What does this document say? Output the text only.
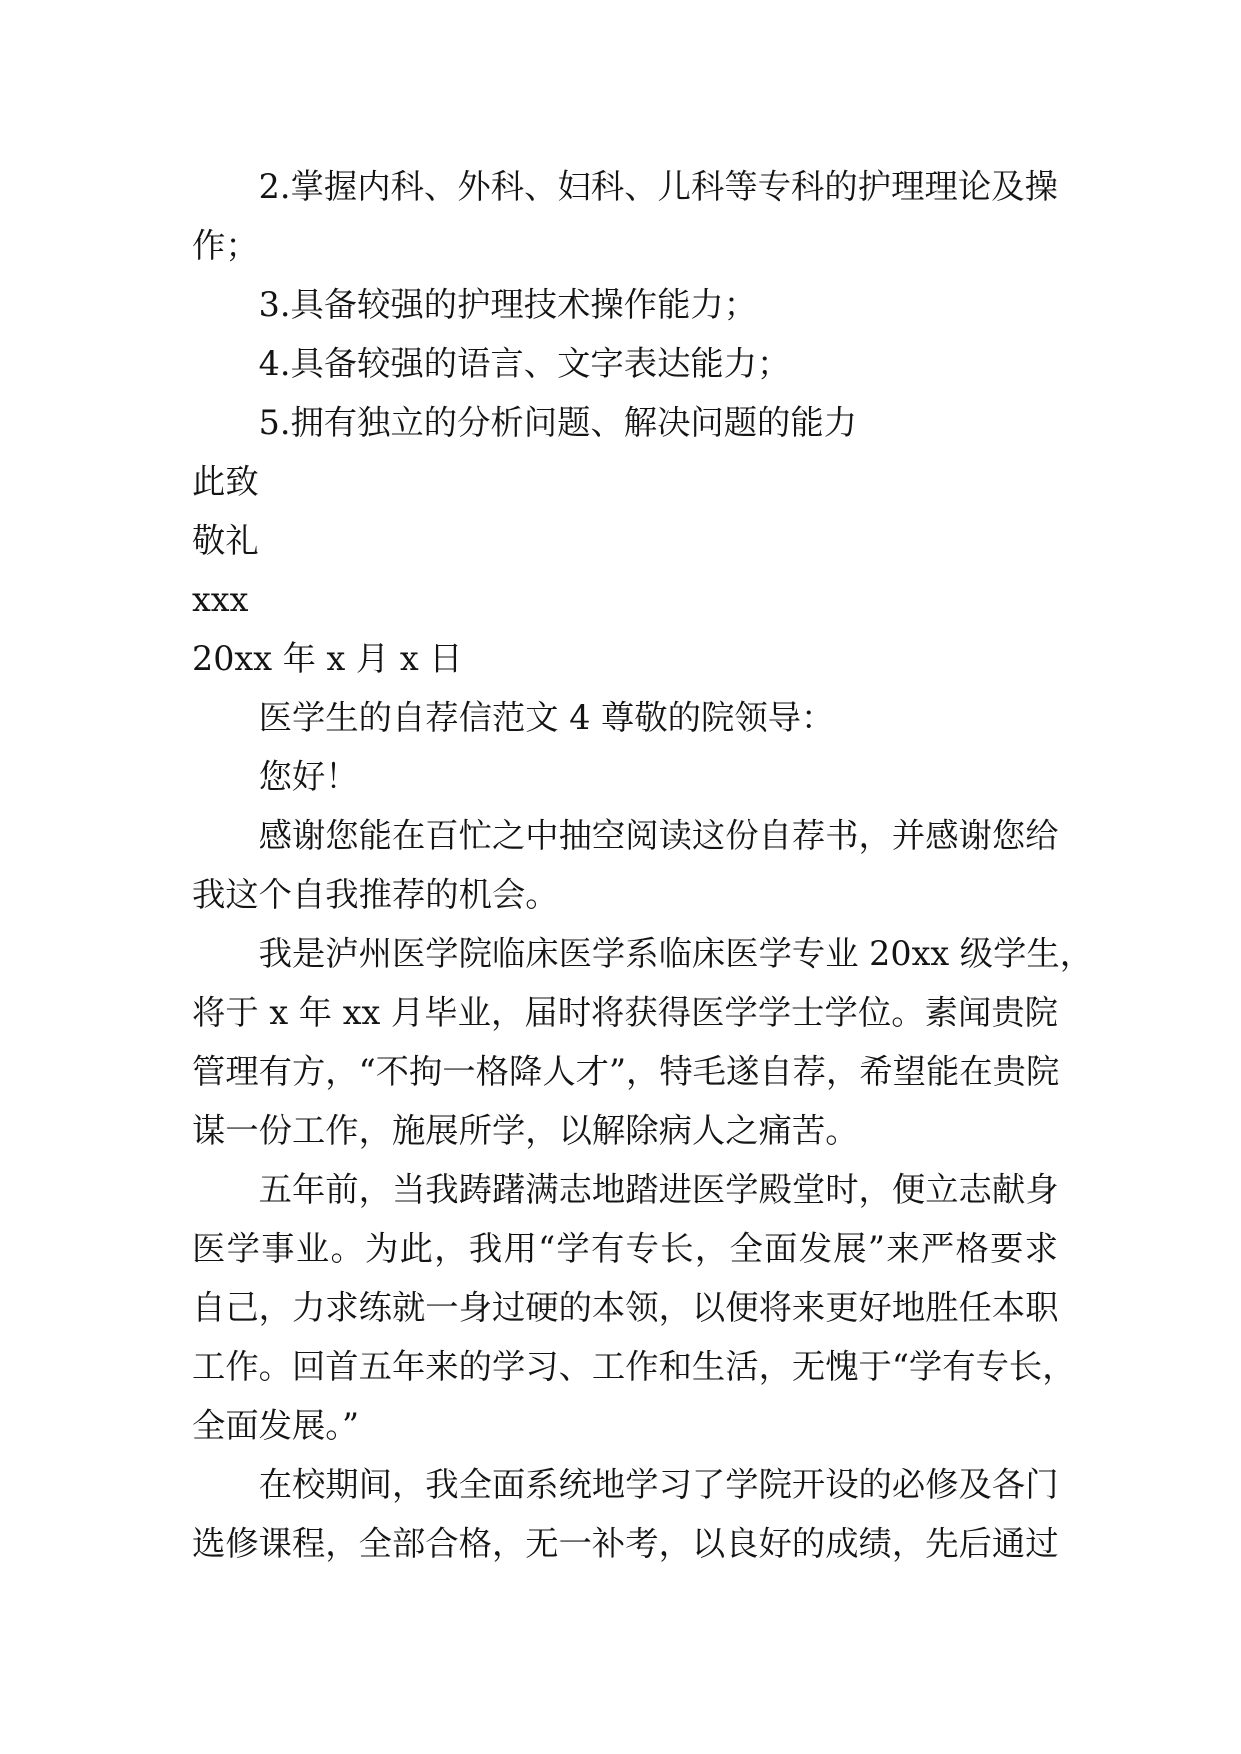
2.掌握内科、外科、妇科、儿科等专科的护理理论及操
作；
3.具备较强的护理技术操作能力；
4.具备较强的语言、文字表达能力；
5.拥有独立的分析问题、解决问题的能力
此致
敬礼
xxx
20xx 年 x 月 x 日
医学生的自荐信范文 4 尊敬的院领导：
您好！
感谢您能在百忙之中抽空阅读这份自荐书，并感谢您给
我这个自我推荐的机会。
我是泸州医学院临床医学系临床医学专业 20xx 级学生，
将于 x 年 xx 月毕业，届时将获得医学学士学位。素闻贵院
管理有方，“不拘一格降人才”，特毛遂自荐，希望能在贵院
谋一份工作，施展所学，以解除病人之痛苦。
五年前，当我踌躇满志地踏进医学殿堂时，便立志献身
医学事业。为此，我用“学有专长，全面发展”来严格要求
自己，力求练就一身过硬的本领，以便将来更好地胜任本职
工作。回首五年来的学习、工作和生活，无愧于“学有专长，
全面发展。”
在校期间，我全面系统地学习了学院开设的必修及各门
选修课程，全部合格，无一补考，以良好的成绩，先后通过
